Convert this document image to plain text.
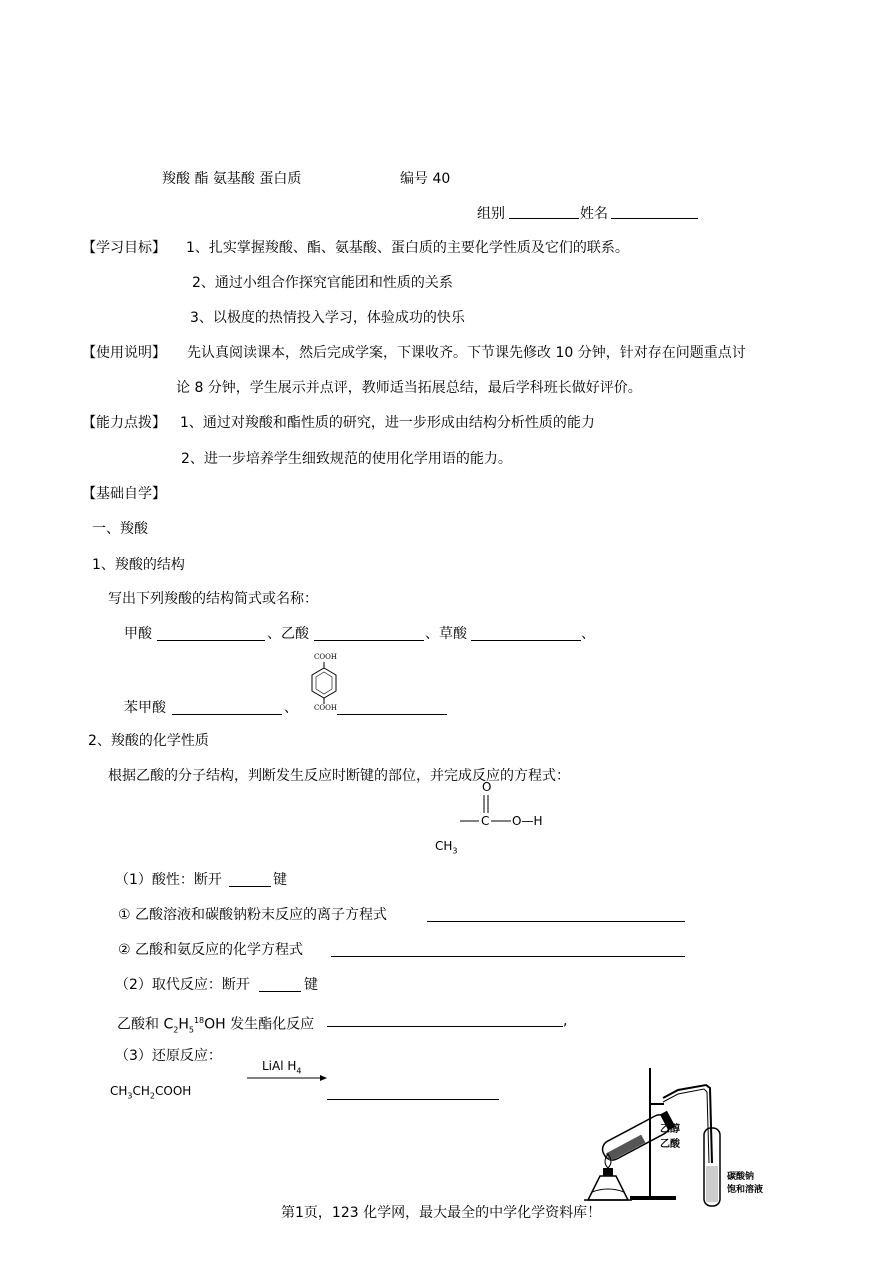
羧酸 酯 氨基酸 蛋白质	编号 40
组别	姓名
【学习目标】 1、扎实掌握羧酸、酯、氨基酸、蛋白质的主要化学性质及它们的联系。
2、通过小组合作探究官能团和性质的关系
3、以极度的热情投入学习，体验成功的快乐
【使用说明】 先认真阅读课本，然后完成学案，下课收齐。下节课先修改 10 分钟，针对存在问题重点讨
论 8 分钟，学生展示并点评，教师适当拓展总结，最后学科班长做好评价。
【能力点拨】 1、通过对羧酸和酯性质的研究，进一步形成由结构分析性质的能力
2、进一步培养学生细致规范的使用化学用语的能力。
【基础自学】
一、羧酸
1、羧酸的结构
写出下列羧酸的结构简式或名称：
甲酸	、乙酸	、草酸	、
COOH
COOH
苯甲酸	、
2、羧酸的化学性质
根据乙酸的分子结构，判断发生反应时断键的部位，并完成反应的方程式：
O
C O—H
$CH_3$
（1）酸性：断开	键
① 乙酸溶液和碳酸钠粉末反应的离子方程式
② 乙酸和氨反应的化学方程式
（2）取代反应：断开	键
乙酸和 $C_2H_5^{18}OH$ 发生酯化反应	,
（3）还原反应：
LiAl $H_4$
$CH_3CH_2COOH$
乙醇
乙酸
碳酸钠
饱和溶液
第1页，123 化学网，最大最全的中学化学资料库！
